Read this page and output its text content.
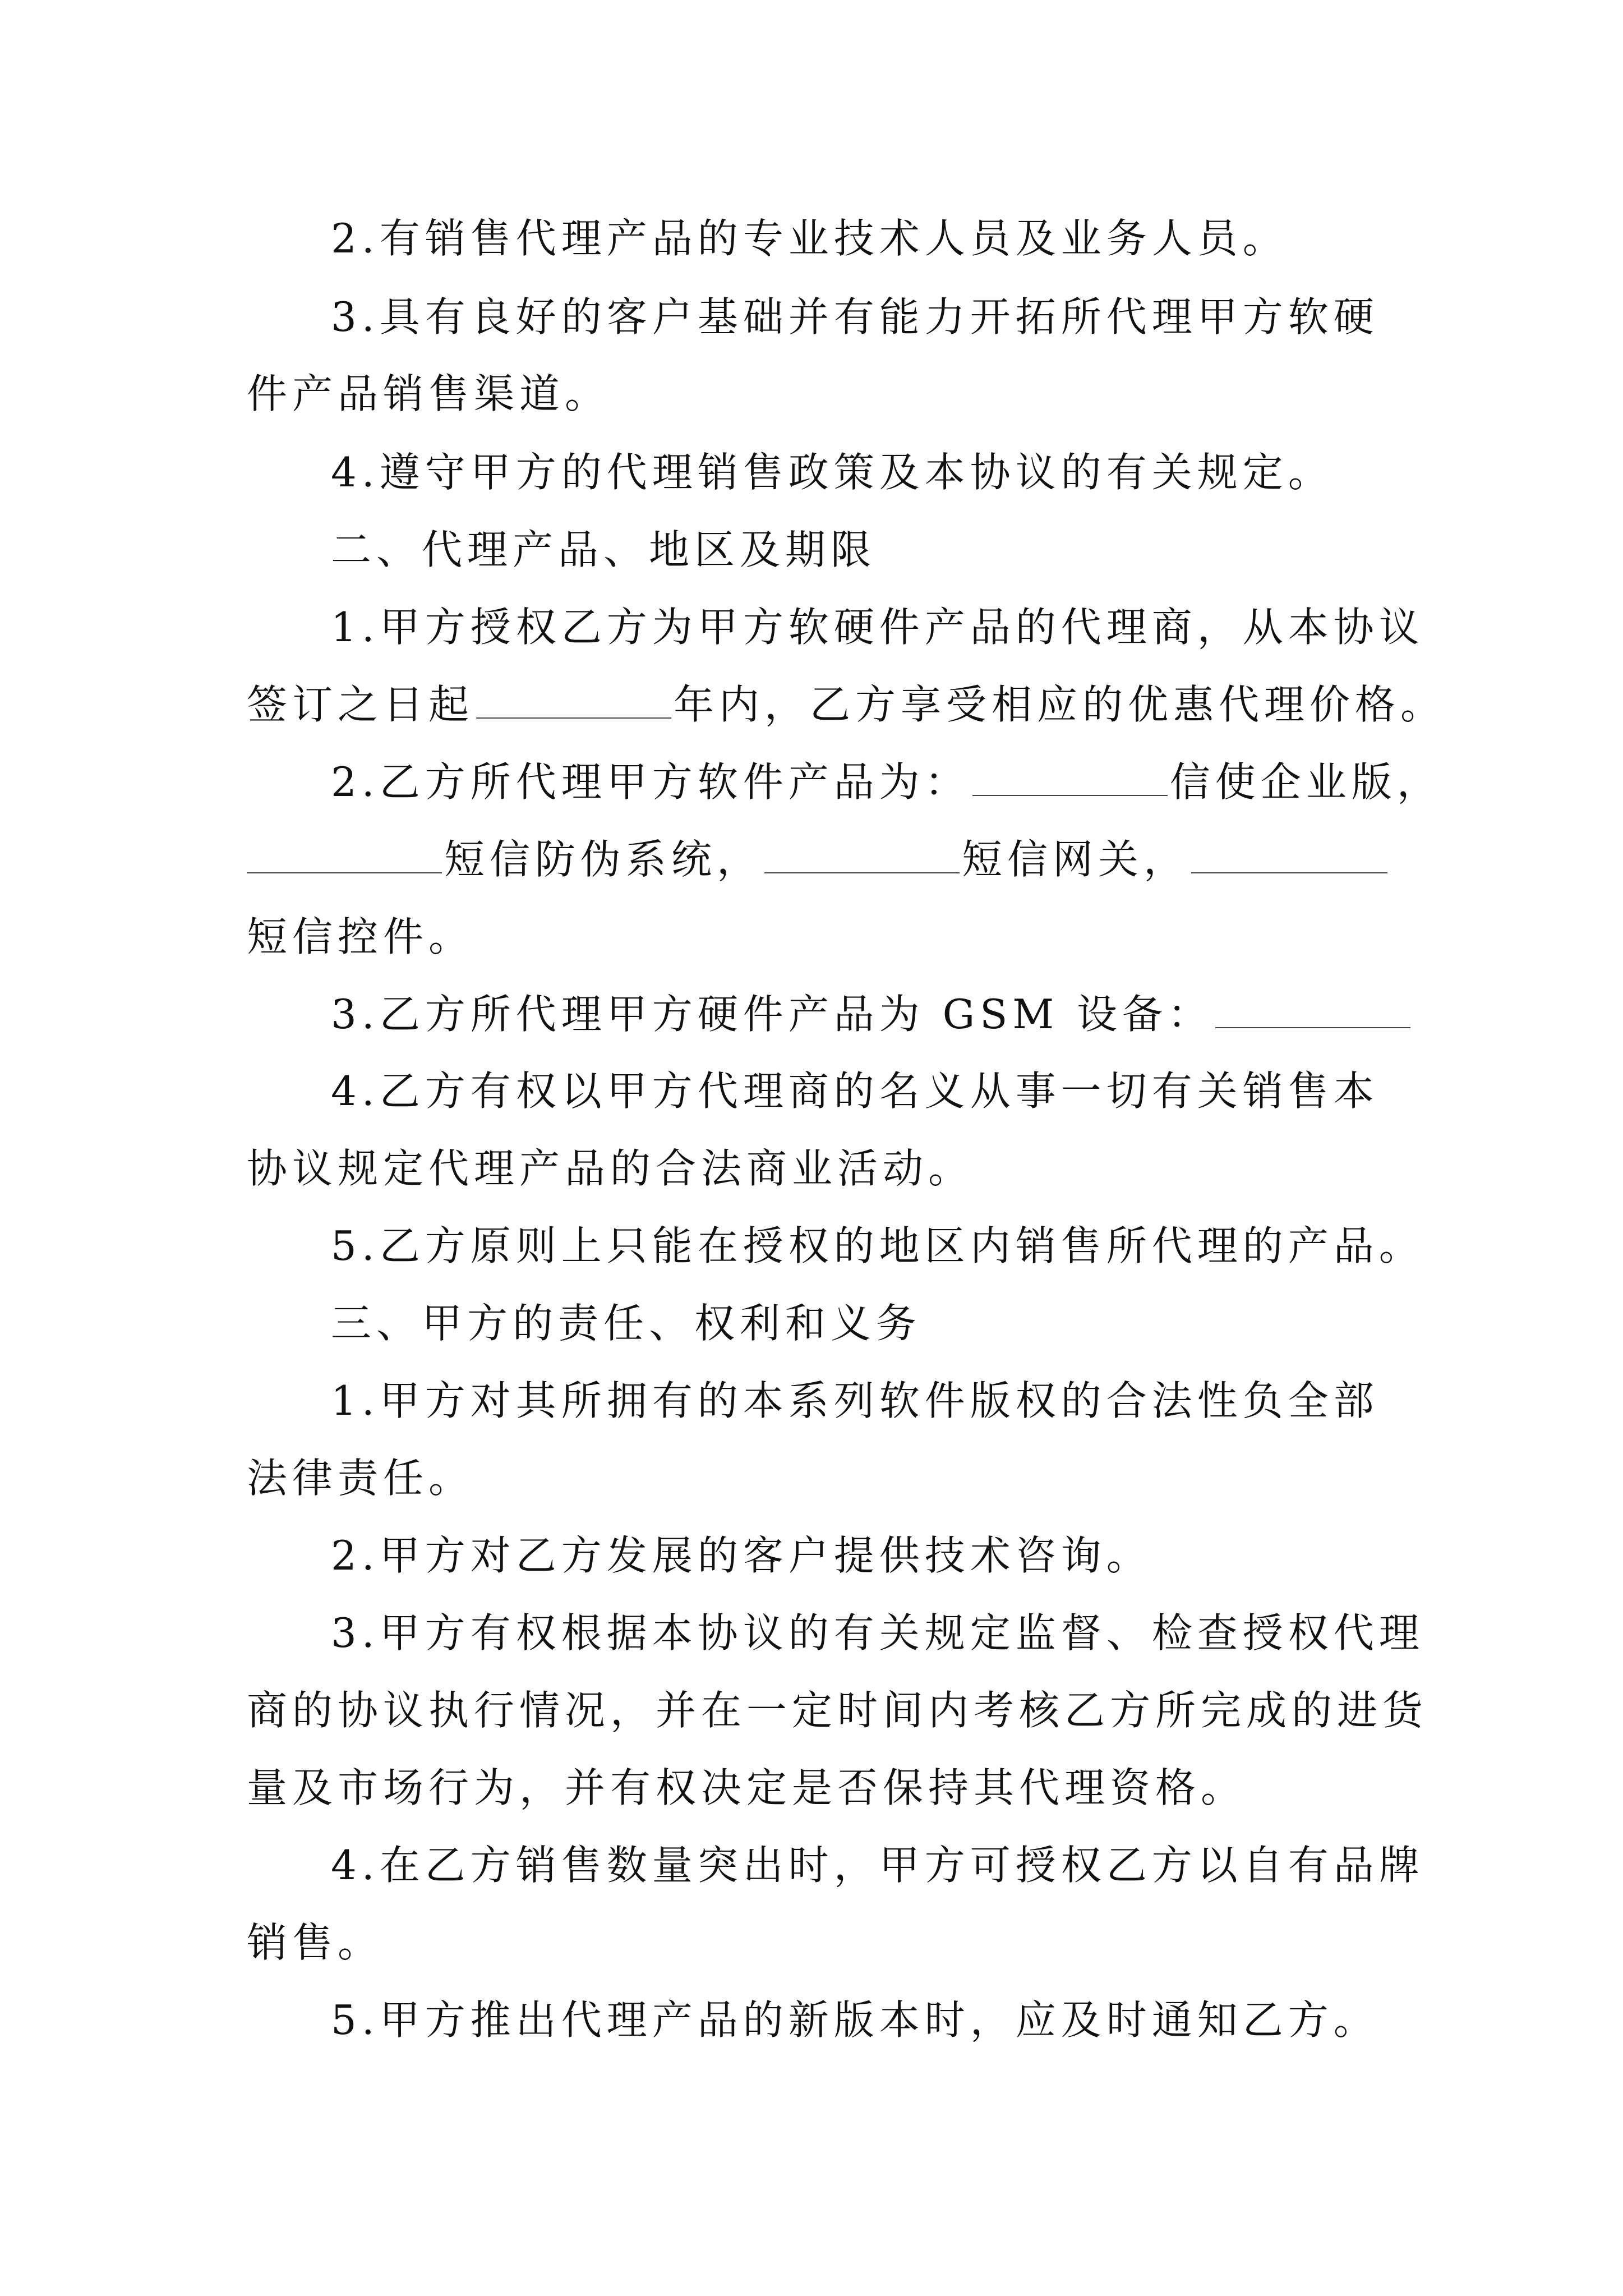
2.有销售代理产品的专业技术人员及业务人员。
3.具有良好的客户基础并有能力开拓所代理甲方软硬
件产品销售渠道。
4.遵守甲方的代理销售政策及本协议的有关规定。
二、代理产品、地区及期限
1.甲方授权乙方为甲方软硬件产品的代理商，从本协议
签订之日起	年内，乙方享受相应的优惠代理价格。
2.乙方所代理甲方软件产品为：	信使企业版，
短信防伪系统，	短信网关，
短信控件。
3.乙方所代理甲方硬件产品为 GSM 设备：
4.乙方有权以甲方代理商的名义从事一切有关销售本
协议规定代理产品的合法商业活动。
5.乙方原则上只能在授权的地区内销售所代理的产品。
三、甲方的责任、权利和义务
1.甲方对其所拥有的本系列软件版权的合法性负全部
法律责任。
2.甲方对乙方发展的客户提供技术咨询。
3.甲方有权根据本协议的有关规定监督、检查授权代理
商的协议执行情况，并在一定时间内考核乙方所完成的进货
量及市场行为，并有权决定是否保持其代理资格。
4.在乙方销售数量突出时，甲方可授权乙方以自有品牌
销售。
5.甲方推出代理产品的新版本时，应及时通知乙方。
